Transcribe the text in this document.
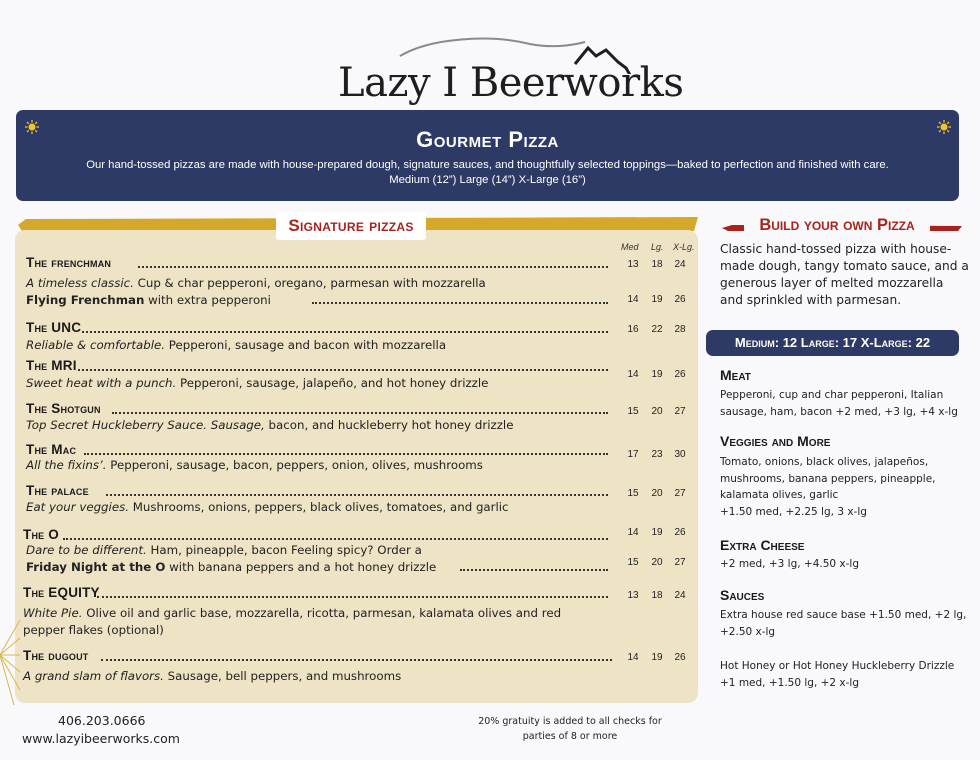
Lazy I Beerworks
Gourmet Pizza
Our hand-tossed pizzas are made with house-prepared dough, signature sauces, and thoughtfully selected toppings—baked to perfection and finished with care.
Medium (12”) Large (14”) X-Large (16”)
Signature pizzas
Med Lg. X-Lg.
The frenchman
A timeless classic. Cup & char pepperoni, oregano, parmesan with mozzarella
13	18	24
Flying Frenchman with extra pepperoni	14	19	26
The UNC
Reliable & comfortable. Pepperoni, sausage and bacon with mozzarella
16	22	28
The MRI
Sweet heat with a punch. Pepperoni, sausage, jalapeño, and hot honey drizzle
14	19	26
The Shotgun
Top Secret Huckleberry Sauce. Sausage, bacon, and huckleberry hot honey drizzle
15	20	27
The Mac
All the fixins’. Pepperoni, sausage, bacon, peppers, onion, olives, mushrooms
17	23	30
The palace
Eat your veggies. Mushrooms, onions, peppers, black olives, tomatoes, and garlic
15	20	27
The O
Dare to be different. Ham, pineapple, bacon Feeling spicy? Order a
14	19	26
Friday Night at the O with banana peppers and a hot honey drizzle	15	20	27
The EQUITY
White Pie. Olive oil and garlic base, mozzarella, ricotta, parmesan, kalamata olives and red
pepper flakes (optional)
13	18	24
The dugout
A grand slam of flavors. Sausage, bell peppers, and mushrooms
14	19	26
Build your own Pizza
Classic hand-tossed pizza with house-made dough, tangy tomato sauce, and a generous layer of melted mozzarella and sprinkled with parmesan.
Medium: 12 Large: 17 X-Large: 22
Meat
Pepperoni, cup and char pepperoni, Italian sausage, ham, bacon +2 med, +3 lg, +4 x-lg
Veggies and More
Tomato, onions, black olives, jalapeños, mushrooms, banana peppers, pineapple, kalamata olives, garlic
+1.50 med, +2.25 lg, 3 x-lg
Extra Cheese
+2 med, +3 lg, +4.50 x-lg
Sauces
Extra house red sauce base +1.50 med, +2 lg, +2.50 x-lg
Hot Honey or Hot Honey Huckleberry Drizzle +1 med, +1.50 lg, +2 x-lg
406.203.0666
www.lazyibeerworks.com
20% gratuity is added to all checks for parties of 8 or more
